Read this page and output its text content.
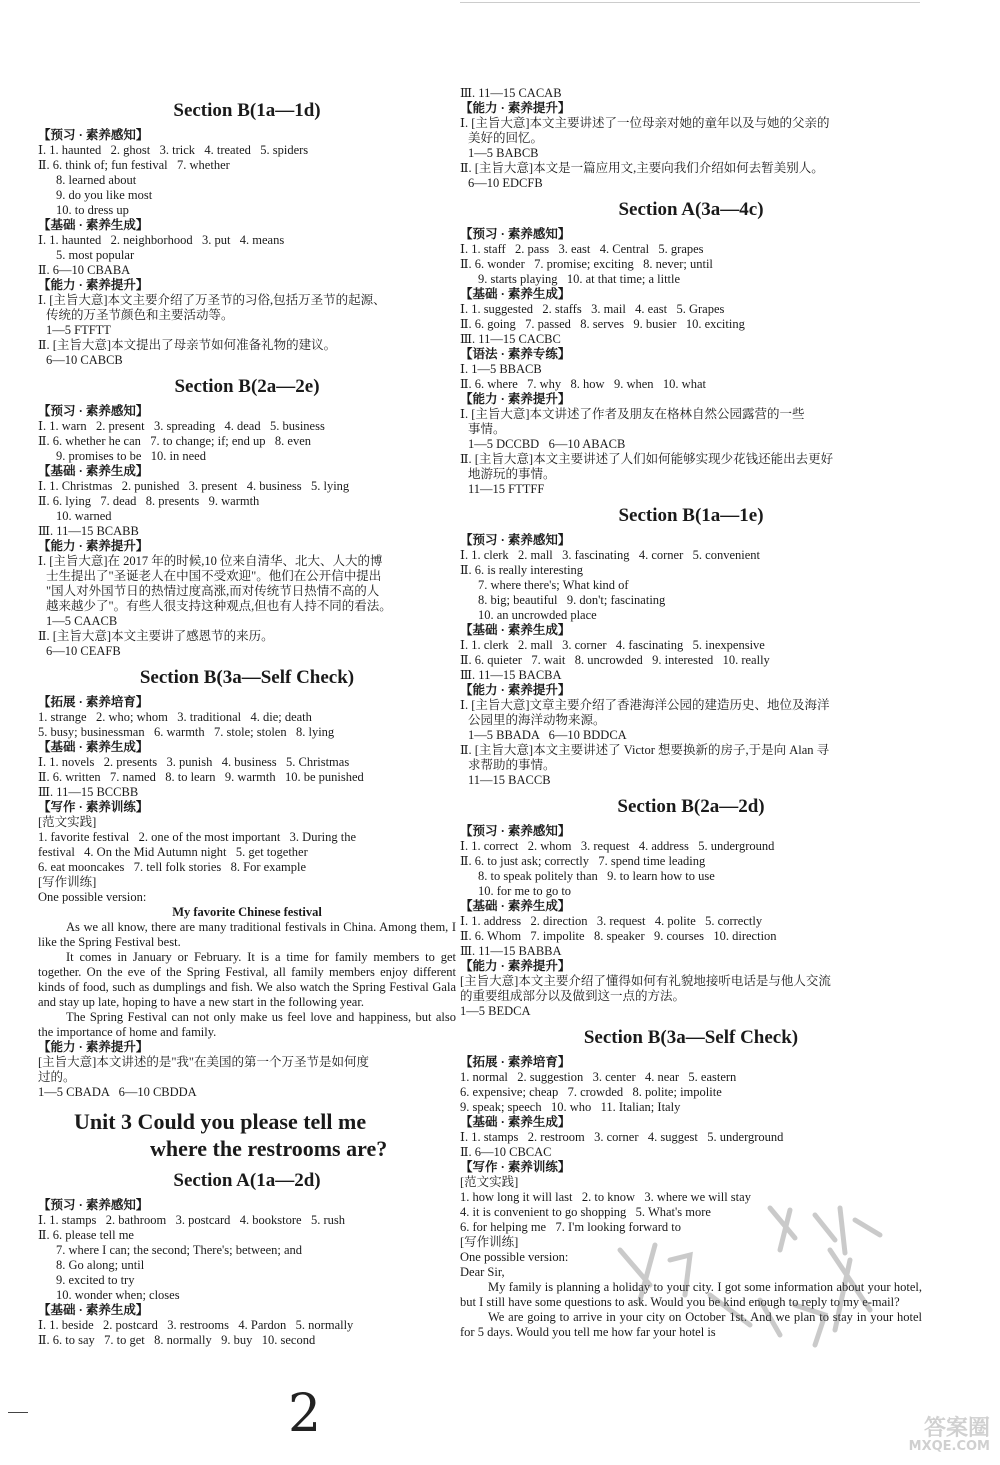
Section B(1a—1d)
【预习 · 素养感知】
Ⅰ. 1. haunted   2. ghost   3. trick   4. treated   5. spiders
Ⅱ. 6. think of; fun festival   7. whether
8. learned about
9. do you like most
10. to dress up
【基础 · 素养生成】
Ⅰ. 1. haunted   2. neighborhood   3. put   4. means
5. most popular
Ⅱ. 6—10 CBABA
【能力 · 素养提升】
Ⅰ. [主旨大意]本文主要介绍了万圣节的习俗,包括万圣节的起源、
传统的万圣节颜色和主要活动等。
1—5 FTFTT
Ⅱ. [主旨大意]本文提出了母亲节如何准备礼物的建议。
6—10 CABCB
Section B(2a—2e)
【预习 · 素养感知】
Ⅰ. 1. warn   2. present   3. spreading   4. dead   5. business
Ⅱ. 6. whether he can   7. to change; if; end up   8. even
9. promises to be   10. in need
【基础 · 素养生成】
Ⅰ. 1. Christmas   2. punished   3. present   4. business   5. lying
Ⅱ. 6. lying   7. dead   8. presents   9. warmth
10. warned
Ⅲ. 11—15 BCABB
【能力 · 素养提升】
Ⅰ. [主旨大意]在 2017 年的时候,10 位来自清华、北大、人大的博
士生提出了"圣诞老人在中国不受欢迎"。他们在公开信中提出
"国人对外国节日的热情过度高涨,而对传统节日热情不高的人
越来越少了"。有些人很支持这种观点,但也有人持不同的看法。
1—5 CAACB
Ⅱ. [主旨大意]本文主要讲了感恩节的来历。
6—10 CEAFB
Section B(3a—Self Check)
【拓展 · 素养培育】
1. strange   2. who; whom   3. traditional   4. die; death
5. busy; businessman   6. warmth   7. stole; stolen   8. lying
【基础 · 素养生成】
Ⅰ. 1. novels   2. presents   3. punish   4. business   5. Christmas
Ⅱ. 6. written   7. named   8. to learn   9. warmth   10. be punished
Ⅲ. 11—15 BCCBB
【写作 · 素养训练】
[范文实践]
1. favorite festival   2. one of the most important   3. During the
festival   4. On the Mid Autumn night   5. get together
6. eat mooncakes   7. tell folk stories   8. For example
[写作训练]
One possible version:
My favorite Chinese festival
As we all know, there are many traditional festivals in China. Among them, I like the Spring Festival best.
It comes in January or February. It is a time for family members to get together. On the eve of the Spring Festival, all family members enjoy different kinds of food, such as dumplings and fish. We also watch the Spring Festival Gala and stay up late, hoping to have a new start in the following year.
The Spring Festival can not only make us feel love and happiness, but also the importance of home and family.
【能力 · 素养提升】
[主旨大意]本文讲述的是"我"在美国的第一个万圣节是如何度
过的。
1—5 CBADA   6—10 CBDDA
Unit 3 Could you please tell me
where the restrooms are?
Section A(1a—2d)
【预习 · 素养感知】
Ⅰ. 1. stamps   2. bathroom   3. postcard   4. bookstore   5. rush
Ⅱ. 6. please tell me
7. where I can; the second; There's; between; and
8. Go along; until
9. excited to try
10. wonder when; closes
【基础 · 素养生成】
Ⅰ. 1. beside   2. postcard   3. restrooms   4. Pardon   5. normally
Ⅱ. 6. to say   7. to get   8. normally   9. buy   10. second
Ⅲ. 11—15 CACAB
【能力 · 素养提升】
Ⅰ. [主旨大意]本文主要讲述了一位母亲对她的童年以及与她的父亲的
美好的回忆。
1—5 BABCB
Ⅱ. [主旨大意]本文是一篇应用文,主要向我们介绍如何去暂美别人。
6—10 EDCFB
Section A(3a—4c)
【预习 · 素养感知】
Ⅰ. 1. staff   2. pass   3. east   4. Central   5. grapes
Ⅱ. 6. wonder   7. promise; exciting   8. never; until
9. starts playing   10. at that time; a little
【基础 · 素养生成】
Ⅰ. 1. suggested   2. staffs   3. mail   4. east   5. Grapes
Ⅱ. 6. going   7. passed   8. serves   9. busier   10. exciting
Ⅲ. 11—15 CACBC
【语法 · 素养专练】
Ⅰ. 1—5 BBACB
Ⅱ. 6. where   7. why   8. how   9. when   10. what
【能力 · 素养提升】
Ⅰ. [主旨大意]本文讲述了作者及朋友在格林自然公园露营的一些
事情。
1—5 DCCBD   6—10 ABACB
Ⅱ. [主旨大意]本文主要讲述了人们如何能够实现少花钱还能出去更好
地游玩的事情。
11—15 FTTFF
Section B(1a—1e)
【预习 · 素养感知】
Ⅰ. 1. clerk   2. mall   3. fascinating   4. corner   5. convenient
Ⅱ. 6. is really interesting
7. where there's; What kind of
8. big; beautiful   9. don't; fascinating
10. an uncrowded place
【基础 · 素养生成】
Ⅰ. 1. clerk   2. mall   3. corner   4. fascinating   5. inexpensive
Ⅱ. 6. quieter   7. wait   8. uncrowded   9. interested   10. really
Ⅲ. 11—15 BACBA
【能力 · 素养提升】
Ⅰ. [主旨大意]文章主要介绍了香港海洋公园的建造历史、地位及海洋
公园里的海洋动物来源。
1—5 BBADA   6—10 BDDCA
Ⅱ. [主旨大意]本文主要讲述了 Victor 想要换新的房子,于是向 Alan 寻
求帮助的事情。
11—15 BACCB
Section B(2a—2d)
【预习 · 素养感知】
Ⅰ. 1. correct   2. whom   3. request   4. address   5. underground
Ⅱ. 6. to just ask; correctly   7. spend time leading
8. to speak politely than   9. to learn how to use
10. for me to go to
【基础 · 素养生成】
Ⅰ. 1. address   2. direction   3. request   4. polite   5. correctly
Ⅱ. 6. Whom   7. impolite   8. speaker   9. courses   10. direction
Ⅲ. 11—15 BABBA
【能力 · 素养提升】
[主旨大意]本文主要介绍了懂得如何有礼貌地接听电话是与他人交流
的重要组成部分以及做到这一点的方法。
1—5 BEDCA
Section B(3a—Self Check)
【拓展 · 素养培育】
1. normal   2. suggestion   3. center   4. near   5. eastern
6. expensive; cheap   7. crowded   8. polite; impolite
9. speak; speech   10. who   11. Italian; Italy
【基础 · 素养生成】
Ⅰ. 1. stamps   2. restroom   3. corner   4. suggest   5. underground
Ⅱ. 6—10 CBCAC
【写作 · 素养训练】
[范文实践]
1. how long it will last   2. to know   3. where we will stay
4. it is convenient to go shopping   5. What's more
6. for helping me   7. I'm looking forward to
[写作训练]
One possible version:
Dear Sir,
My family is planning a holiday to your city. I got some information about your hotel, but I still have some questions to ask. Would you be kind enough to reply to my e-mail?
We are going to arrive in your city on October 1st. And we plan to stay in your hotel for 5 days. Would you tell me how far your hotel is
2	答案圈
MXQE.COM
